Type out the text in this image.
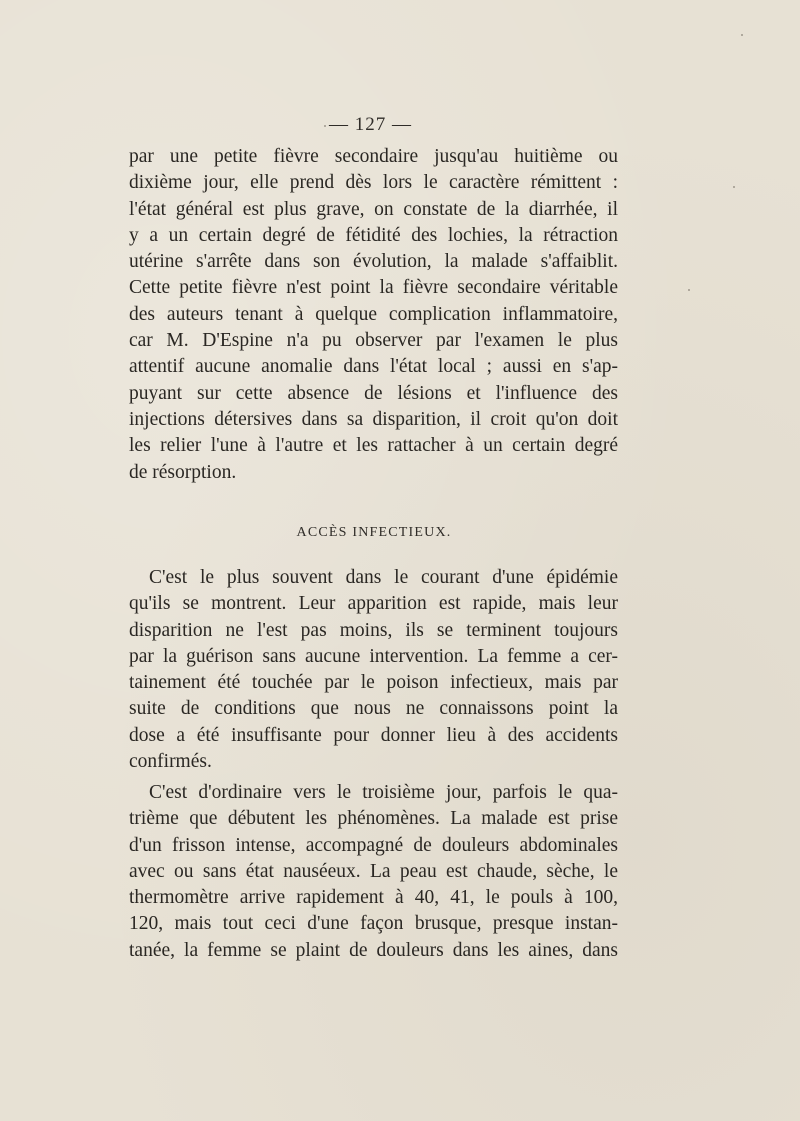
— 127 —

par une petite fièvre secondaire jusqu'au huitième ou
dixième jour, elle prend dès lors le caractère rémittent :
l'état général est plus grave, on constate de la diarrhée, il
y a un certain degré de fétidité des lochies, la rétraction
utérine s'arrête dans son évolution, la malade s'affaiblit.
Cette petite fièvre n'est point la fièvre secondaire véritable
des auteurs tenant à quelque complication inflammatoire,
car M. D'Espine n'a pu observer par l'examen le plus
attentif aucune anomalie dans l'état local ; aussi en s'ap-
puyant sur cette absence de lésions et l'influence des
injections détersives dans sa disparition, il croit qu'on doit
les relier l'une à l'autre et les rattacher à un certain degré
de résorption.

ACCÈS INFECTIEUX.

C'est le plus souvent dans le courant d'une épidémie
qu'ils se montrent. Leur apparition est rapide, mais leur
disparition ne l'est pas moins, ils se terminent toujours
par la guérison sans aucune intervention. La femme a cer-
tainement été touchée par le poison infectieux, mais par
suite de conditions que nous ne connaissons point la
dose a été insuffisante pour donner lieu à des accidents
confirmés.

C'est d'ordinaire vers le troisième jour, parfois le qua-
trième que débutent les phénomènes. La malade est prise
d'un frisson intense, accompagné de douleurs abdominales
avec ou sans état nauséeux. La peau est chaude, sèche, le
thermomètre arrive rapidement à 40, 41, le pouls à 100,
120, mais tout ceci d'une façon brusque, presque instan-
tanée, la femme se plaint de douleurs dans les aines, dans
